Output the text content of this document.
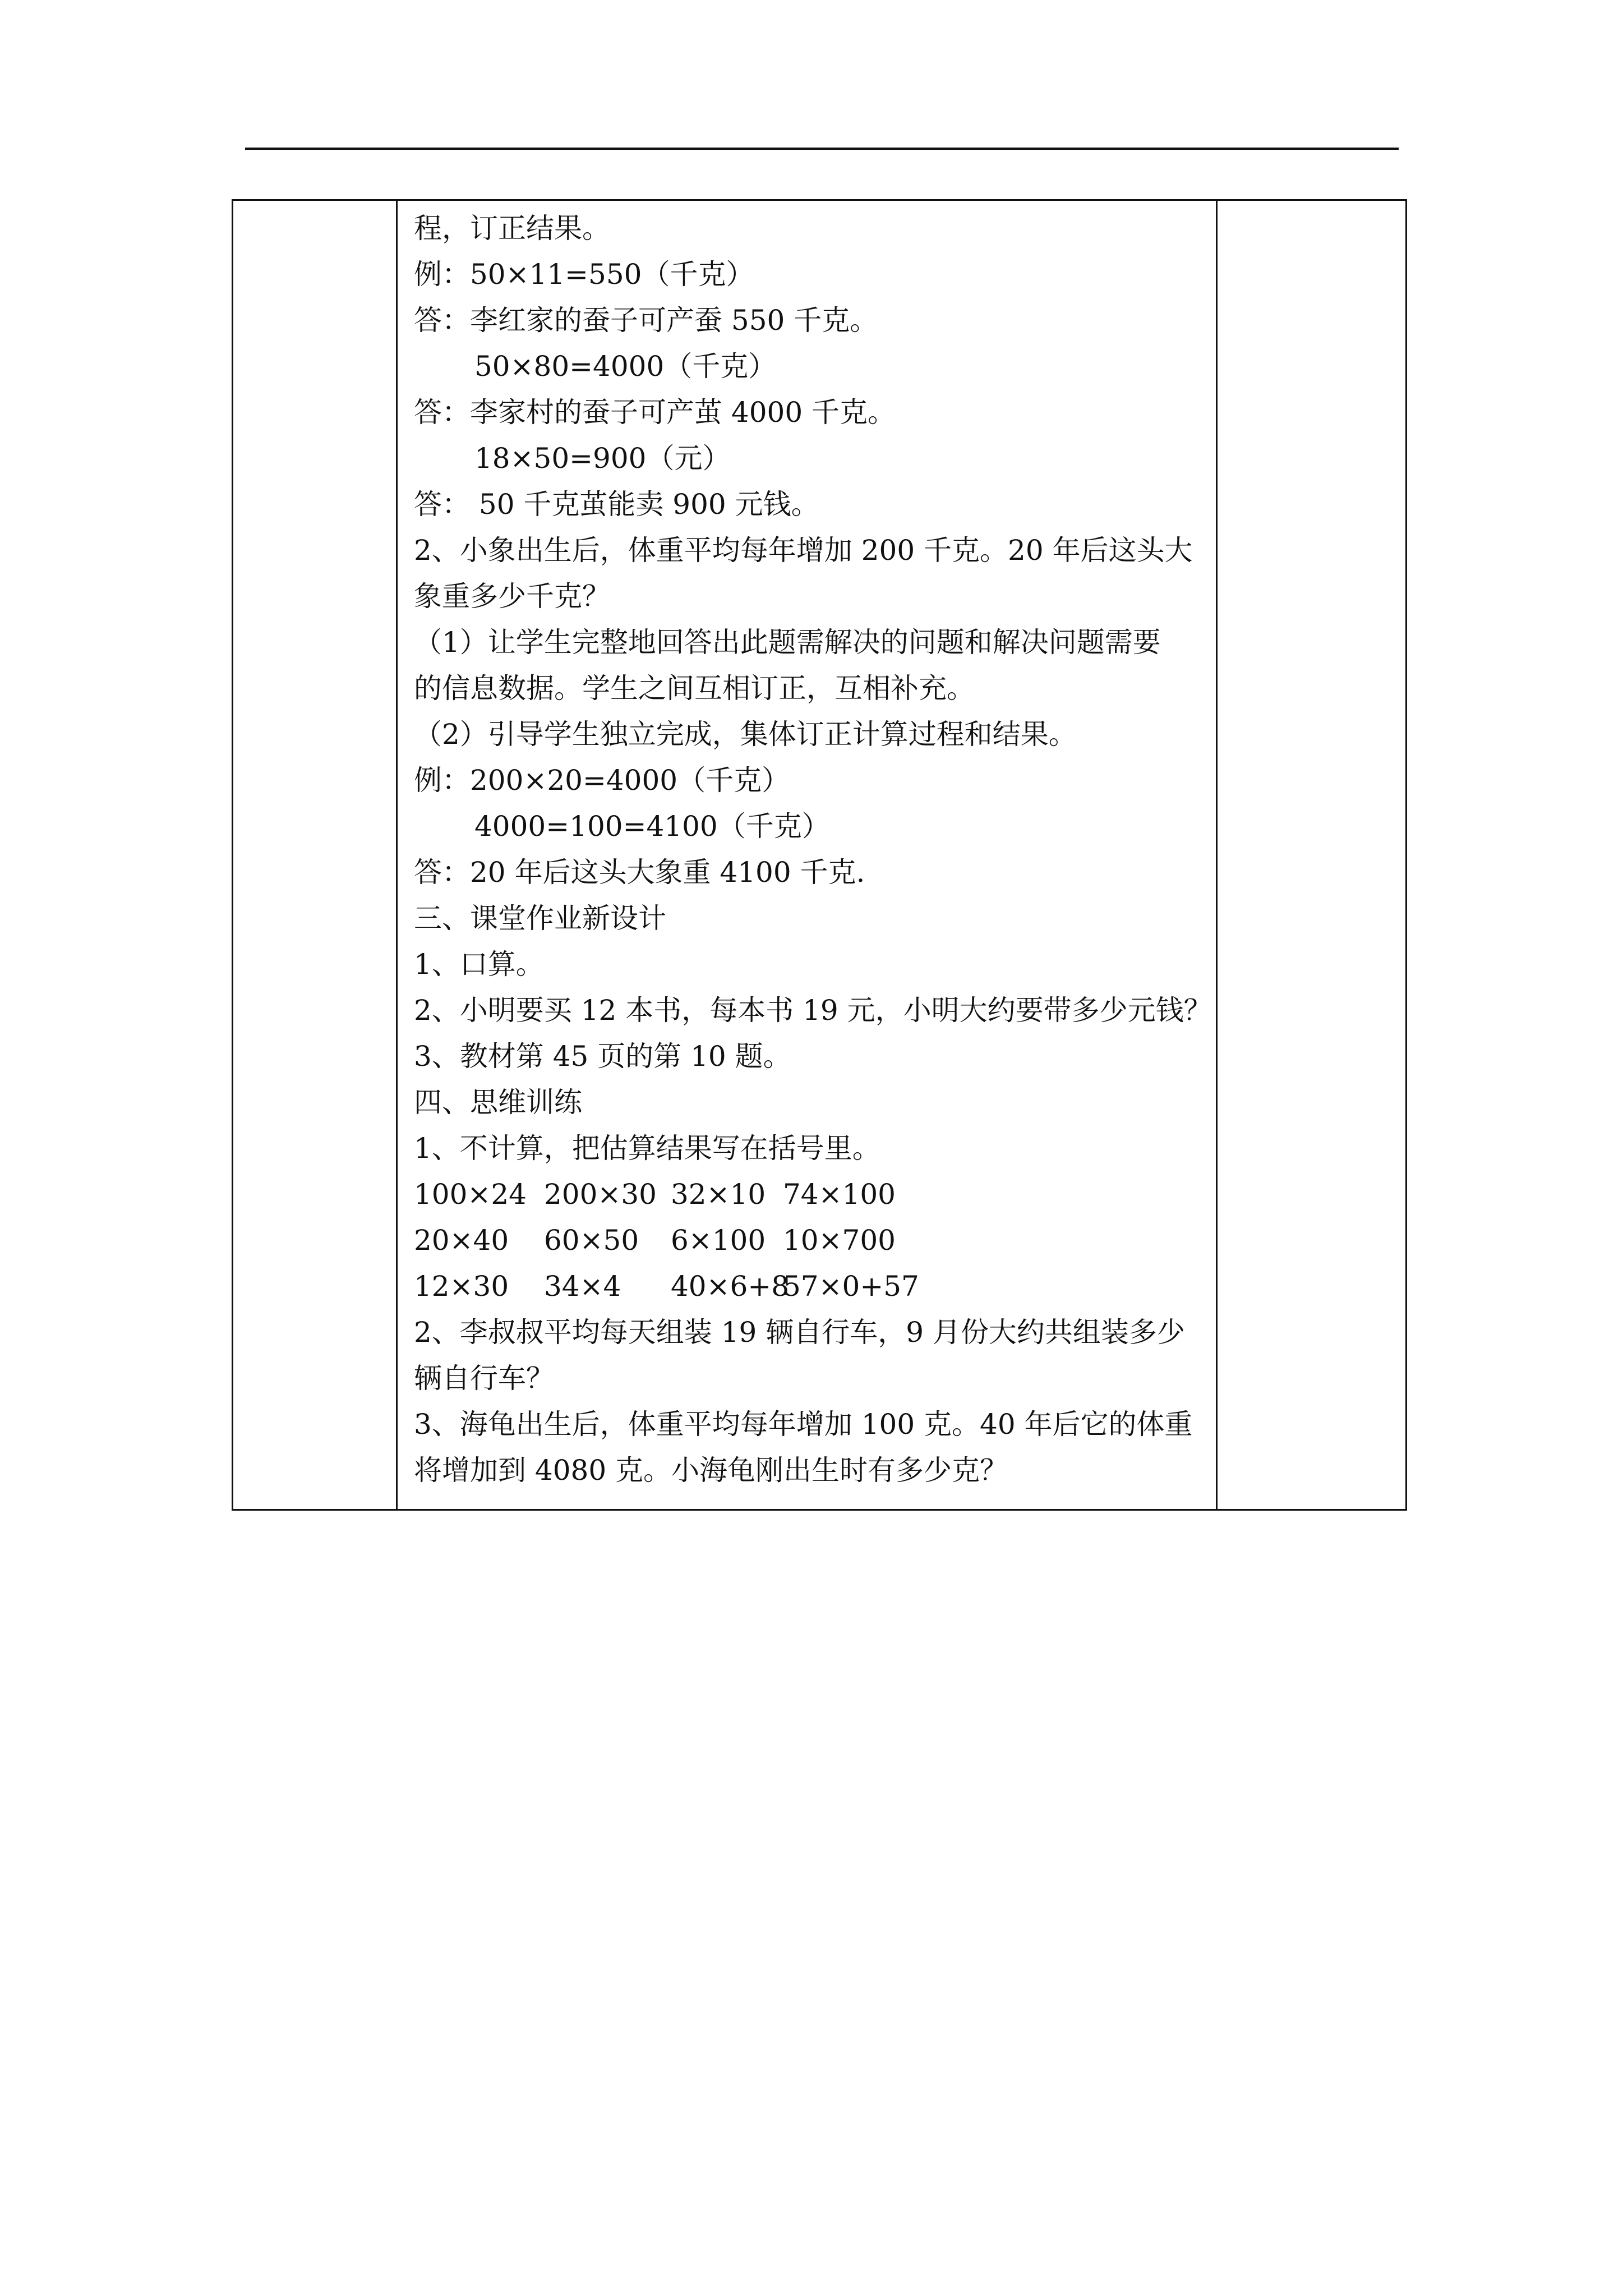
程，订正结果。
例：50×11=550（千克）
答：李红家的蚕子可产蚕 550 千克。
50×80=4000（千克）
答：李家村的蚕子可产茧 4000 千克。
18×50=900（元）
答： 50 千克茧能卖 900 元钱。
2、小象出生后，体重平均每年增加 200 千克。20 年后这头大
象重多少千克？
（1）让学生完整地回答出此题需解决的问题和解决问题需要
的信息数据。学生之间互相订正，互相补充。
（2）引导学生独立完成，集体订正计算过程和结果。
例：200×20=4000（千克）
4000=100=4100（千克）
答：20 年后这头大象重 4100 千克.
三、课堂作业新设计
1、口算。
2、小明要买 12 本书，每本书 19 元，小明大约要带多少元钱？
3、教材第 45 页的第 10 题。
四、思维训练
1、不计算，把估算结果写在括号里。
100×24 200×30 32×10 74×100
20×40 60×50 6×100 10×700
12×30 34×4 40×6+8
57×0+57
2、李叔叔平均每天组装 19 辆自行车，9 月份大约共组装多少
辆自行车？
3、海龟出生后，体重平均每年增加 100 克。40 年后它的体重
将增加到 4080 克。小海龟刚出生时有多少克？
